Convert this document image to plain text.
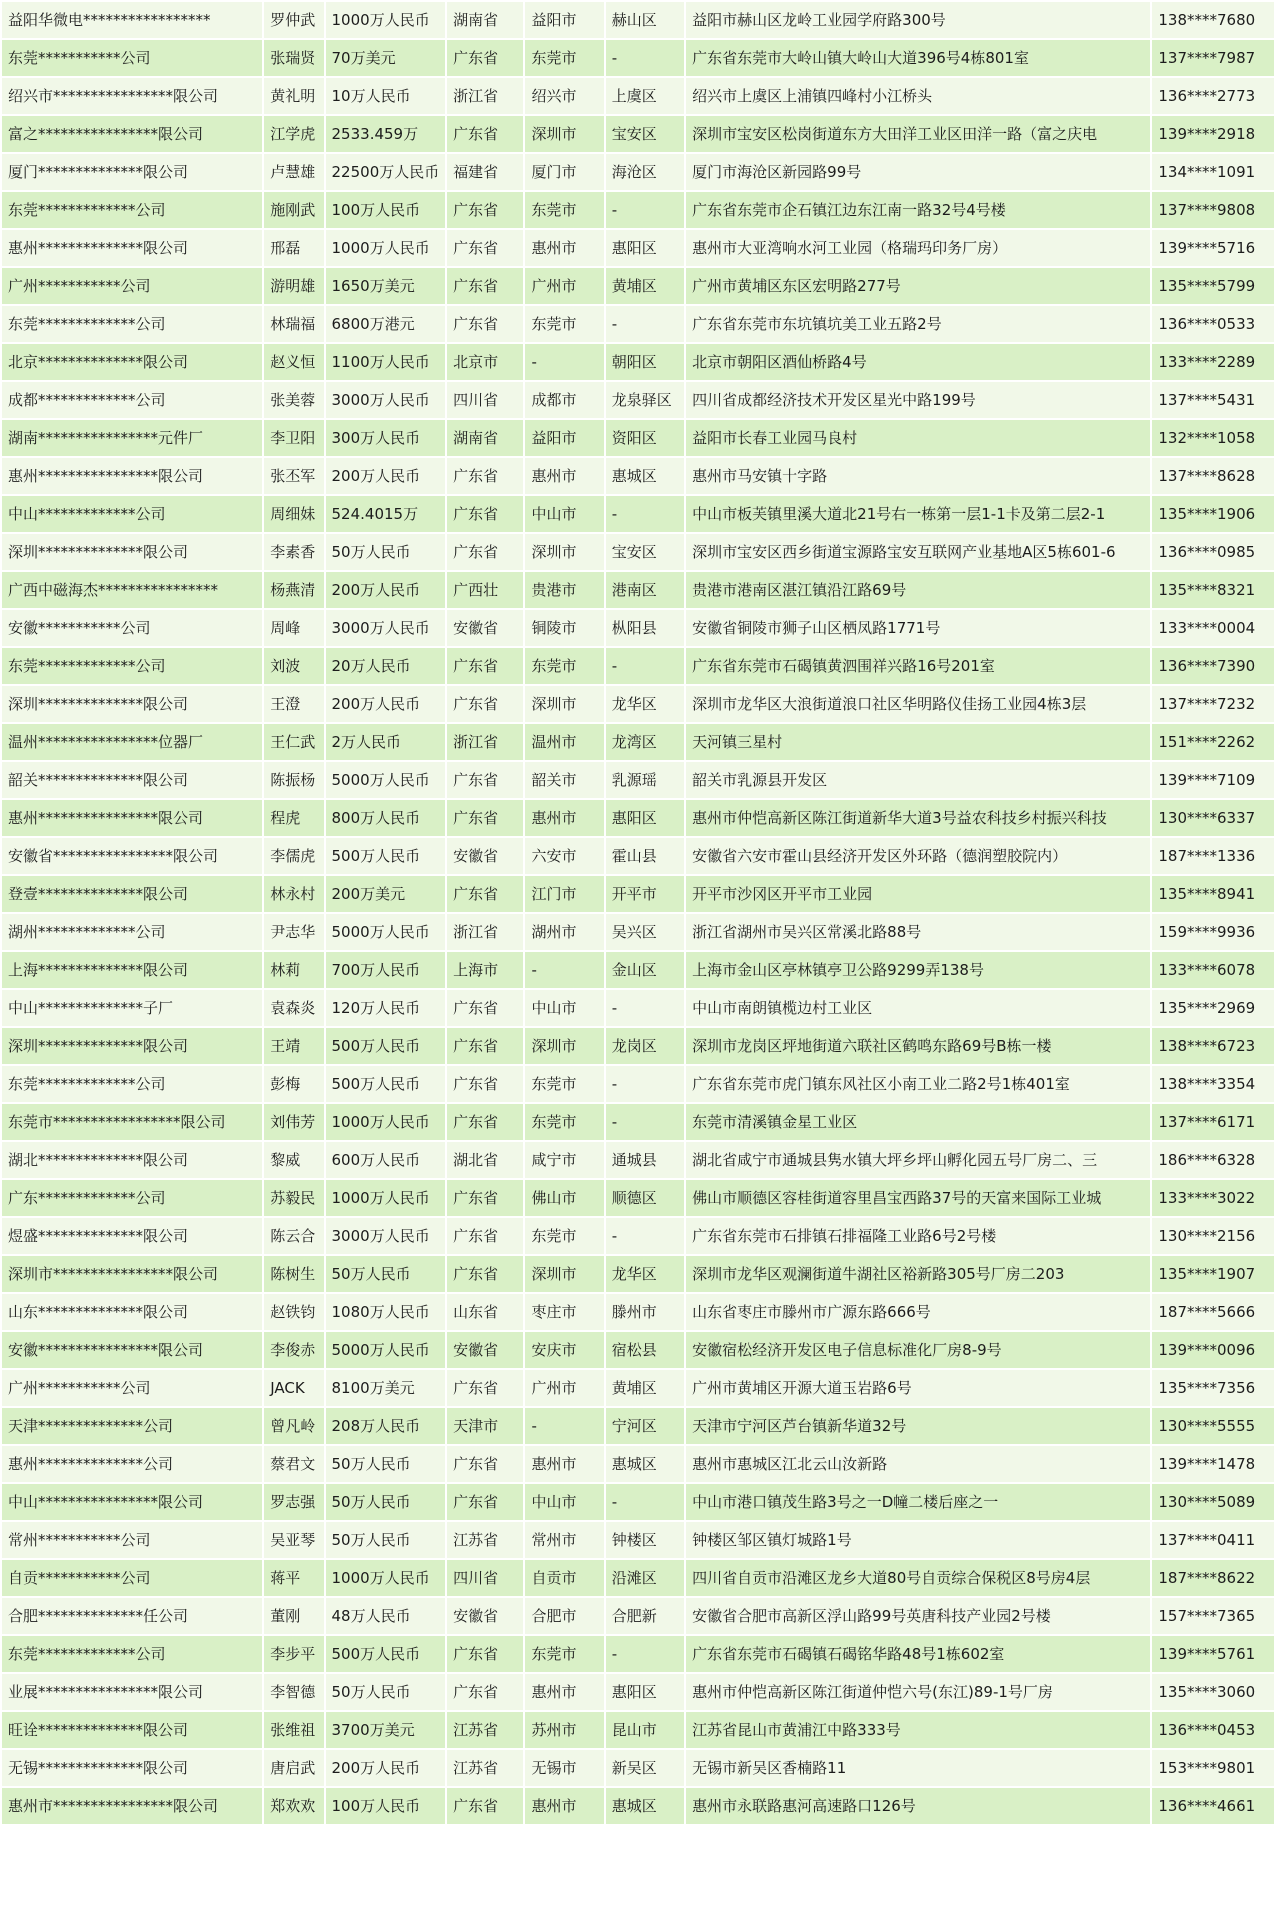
益阳华微电*****************	罗仲武	1000万人民币	湖南省	益阳市	赫山区	益阳市赫山区龙岭工业园学府路300号	138****7680
东莞***********公司	张瑞贤	70万美元	广东省	东莞市	-	广东省东莞市大岭山镇大岭山大道396号4栋801室	137****7987
绍兴市****************限公司	黄礼明	10万人民币	浙江省	绍兴市	上虞区	绍兴市上虞区上浦镇四峰村小江桥头	136****2773
富之****************限公司	江学虎	2533.459万	广东省	深圳市	宝安区	深圳市宝安区松岗街道东方大田洋工业区田洋一路（富之庆电	139****2918
厦门**************限公司	卢慧雄	22500万人民币	福建省	厦门市	海沧区	厦门市海沧区新园路99号	134****1091
东莞*************公司	施刚武	100万人民币	广东省	东莞市	-	广东省东莞市企石镇江边东江南一路32号4号楼	137****9808
惠州**************限公司	邢磊	1000万人民币	广东省	惠州市	惠阳区	惠州市大亚湾响水河工业园（格瑞玛印务厂房）	139****5716
广州***********公司	游明雄	1650万美元	广东省	广州市	黄埔区	广州市黄埔区东区宏明路277号	135****5799
东莞*************公司	林瑞福	6800万港元	广东省	东莞市	-	广东省东莞市东坑镇坑美工业五路2号	136****0533
北京**************限公司	赵义恒	1100万人民币	北京市	-	朝阳区	北京市朝阳区酒仙桥路4号	133****2289
成都*************公司	张美蓉	3000万人民币	四川省	成都市	龙泉驿区	四川省成都经济技术开发区星光中路199号	137****5431
湖南****************元件厂	李卫阳	300万人民币	湖南省	益阳市	资阳区	益阳市长春工业园马良村	132****1058
惠州****************限公司	张丕军	200万人民币	广东省	惠州市	惠城区	惠州市马安镇十字路	137****8628
中山*************公司	周细妹	524.4015万	广东省	中山市	-	中山市板芙镇里溪大道北21号右一栋第一层1-1卡及第二层2-1	135****1906
深圳**************限公司	李素香	50万人民币	广东省	深圳市	宝安区	深圳市宝安区西乡街道宝源路宝安互联网产业基地A区5栋601-6	136****0985
广西中磁海杰****************	杨燕清	200万人民币	广西壮	贵港市	港南区	贵港市港南区湛江镇沿江路69号	135****8321
安徽***********公司	周峰	3000万人民币	安徽省	铜陵市	枞阳县	安徽省铜陵市狮子山区栖凤路1771号	133****0004
东莞*************公司	刘波	20万人民币	广东省	东莞市	-	广东省东莞市石碣镇黄泗围祥兴路16号201室	136****7390
深圳**************限公司	王澄	200万人民币	广东省	深圳市	龙华区	深圳市龙华区大浪街道浪口社区华明路仪佳扬工业园4栋3层	137****7232
温州****************位器厂	王仁武	2万人民币	浙江省	温州市	龙湾区	天河镇三星村	151****2262
韶关**************限公司	陈振杨	5000万人民币	广东省	韶关市	乳源瑶	韶关市乳源县开发区	139****7109
惠州****************限公司	程虎	800万人民币	广东省	惠州市	惠阳区	惠州市仲恺高新区陈江街道新华大道3号益农科技乡村振兴科技	130****6337
安徽省****************限公司	李儒虎	500万人民币	安徽省	六安市	霍山县	安徽省六安市霍山县经济开发区外环路（德润塑胶院内）	187****1336
登壹**************限公司	林永村	200万美元	广东省	江门市	开平市	开平市沙冈区开平市工业园	135****8941
湖州*************公司	尹志华	5000万人民币	浙江省	湖州市	吴兴区	浙江省湖州市吴兴区常溪北路88号	159****9936
上海**************限公司	林莉	700万人民币	上海市	-	金山区	上海市金山区亭林镇亭卫公路9299弄138号	133****6078
中山**************子厂	袁森炎	120万人民币	广东省	中山市	-	中山市南朗镇榄边村工业区	135****2969
深圳**************限公司	王靖	500万人民币	广东省	深圳市	龙岗区	深圳市龙岗区坪地街道六联社区鹤鸣东路69号B栋一楼	138****6723
东莞*************公司	彭梅	500万人民币	广东省	东莞市	-	广东省东莞市虎门镇东风社区小南工业二路2号1栋401室	138****3354
东莞市*****************限公司	刘伟芳	1000万人民币	广东省	东莞市	-	东莞市清溪镇金星工业区	137****6171
湖北**************限公司	黎威	600万人民币	湖北省	咸宁市	通城县	湖北省咸宁市通城县隽水镇大坪乡坪山孵化园五号厂房二、三	186****6328
广东*************公司	苏毅民	1000万人民币	广东省	佛山市	顺德区	佛山市顺德区容桂街道容里昌宝西路37号的天富来国际工业城	133****3022
煜盛**************限公司	陈云合	3000万人民币	广东省	东莞市	-	广东省东莞市石排镇石排福隆工业路6号2号楼	130****2156
深圳市****************限公司	陈树生	50万人民币	广东省	深圳市	龙华区	深圳市龙华区观澜街道牛湖社区裕新路305号厂房二203	135****1907
山东**************限公司	赵铁钧	1080万人民币	山东省	枣庄市	滕州市	山东省枣庄市滕州市广源东路666号	187****5666
安徽****************限公司	李俊赤	5000万人民币	安徽省	安庆市	宿松县	安徽宿松经济开发区电子信息标准化厂房8-9号	139****0096
广州***********公司	JACK	8100万美元	广东省	广州市	黄埔区	广州市黄埔区开源大道玉岩路6号	135****7356
天津**************公司	曾凡岭	208万人民币	天津市	-	宁河区	天津市宁河区芦台镇新华道32号	130****5555
惠州**************公司	蔡君文	50万人民币	广东省	惠州市	惠城区	惠州市惠城区江北云山汝新路	139****1478
中山****************限公司	罗志强	50万人民币	广东省	中山市	-	中山市港口镇茂生路3号之一D幢二楼后座之一	130****5089
常州***********公司	吴亚琴	50万人民币	江苏省	常州市	钟楼区	钟楼区邹区镇灯城路1号	137****0411
自贡***********公司	蒋平	1000万人民币	四川省	自贡市	沿滩区	四川省自贡市沿滩区龙乡大道80号自贡综合保税区8号房4层	187****8622
合肥**************任公司	董刚	48万人民币	安徽省	合肥市	合肥新	安徽省合肥市高新区浮山路99号英唐科技产业园2号楼	157****7365
东莞*************公司	李步平	500万人民币	广东省	东莞市	-	广东省东莞市石碣镇石碣铭华路48号1栋602室	139****5761
业展****************限公司	李智德	50万人民币	广东省	惠州市	惠阳区	惠州市仲恺高新区陈江街道仲恺六号(东江)89-1号厂房	135****3060
旺诠**************限公司	张维祖	3700万美元	江苏省	苏州市	昆山市	江苏省昆山市黄浦江中路333号	136****0453
无锡**************限公司	唐启武	200万人民币	江苏省	无锡市	新吴区	无锡市新吴区香楠路11	153****9801
惠州市****************限公司	郑欢欢	100万人民币	广东省	惠州市	惠城区	惠州市永联路惠河高速路口126号	136****4661
